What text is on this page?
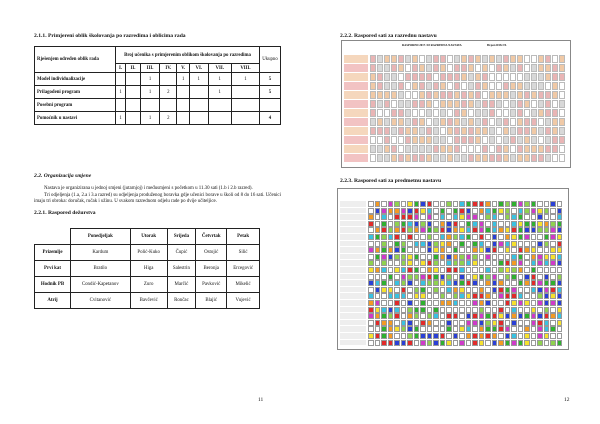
2.1.1. Primjereni oblik školovanja po razredima i oblicima rada
Rješenjem određen oblik rada	Broj učenika s primjerenim oblikom školovanja po razredima								Ukupno
	I.	II.	III.	IV.	V.	VI.	VII.	VIII.	
Model individualizacije			1		1	1	1	1	5
Prilagođeni program	1		1	2			1		5
Posebni program									
Pomoćnik u nastavi	1		1	2					4
2.2. Organizacija smjene

Nastava je organizirana u jednoj smjeni (jutarnjoj) i međusmjeni s početkom u 11.30 sati (1.b i 2.b razred).

Tri odjeljenja (1.a, 2.a i 3.a razred) su odjeljenja produženog boravka gdje učenici borave u školi od 8 do 16 sati. Učenici imaju tri obroka: doručak, ručak i užinu. U svakom razrednom odjelu rade po dvije učiteljice.

2.2.1. Raspored dežurstva
	Ponedjeljak	Utorak	Srijeda	Četvrtak	Petak
Prizemlje	Kardum	Polić-Kuko	Čupić	Ostojić	Silić
Prvi kat	Bratilo	Higa	Salestrin	Beronja	Ercegović
Hodnik PB	Condić-Kapetanov	Zuro	Marčić	Pavković	Mikelić
Atrij	Cvitanović	Bavčević	Rončac	Blajić	Vujević
11
2.2.2. Raspored sati za razrednu nastavu
RASPORED 2017./18 RAZREDNA NASTAVA	Br.pet.2018./19.
2.2.3. Raspored sati za predmetnu nastavu
12
